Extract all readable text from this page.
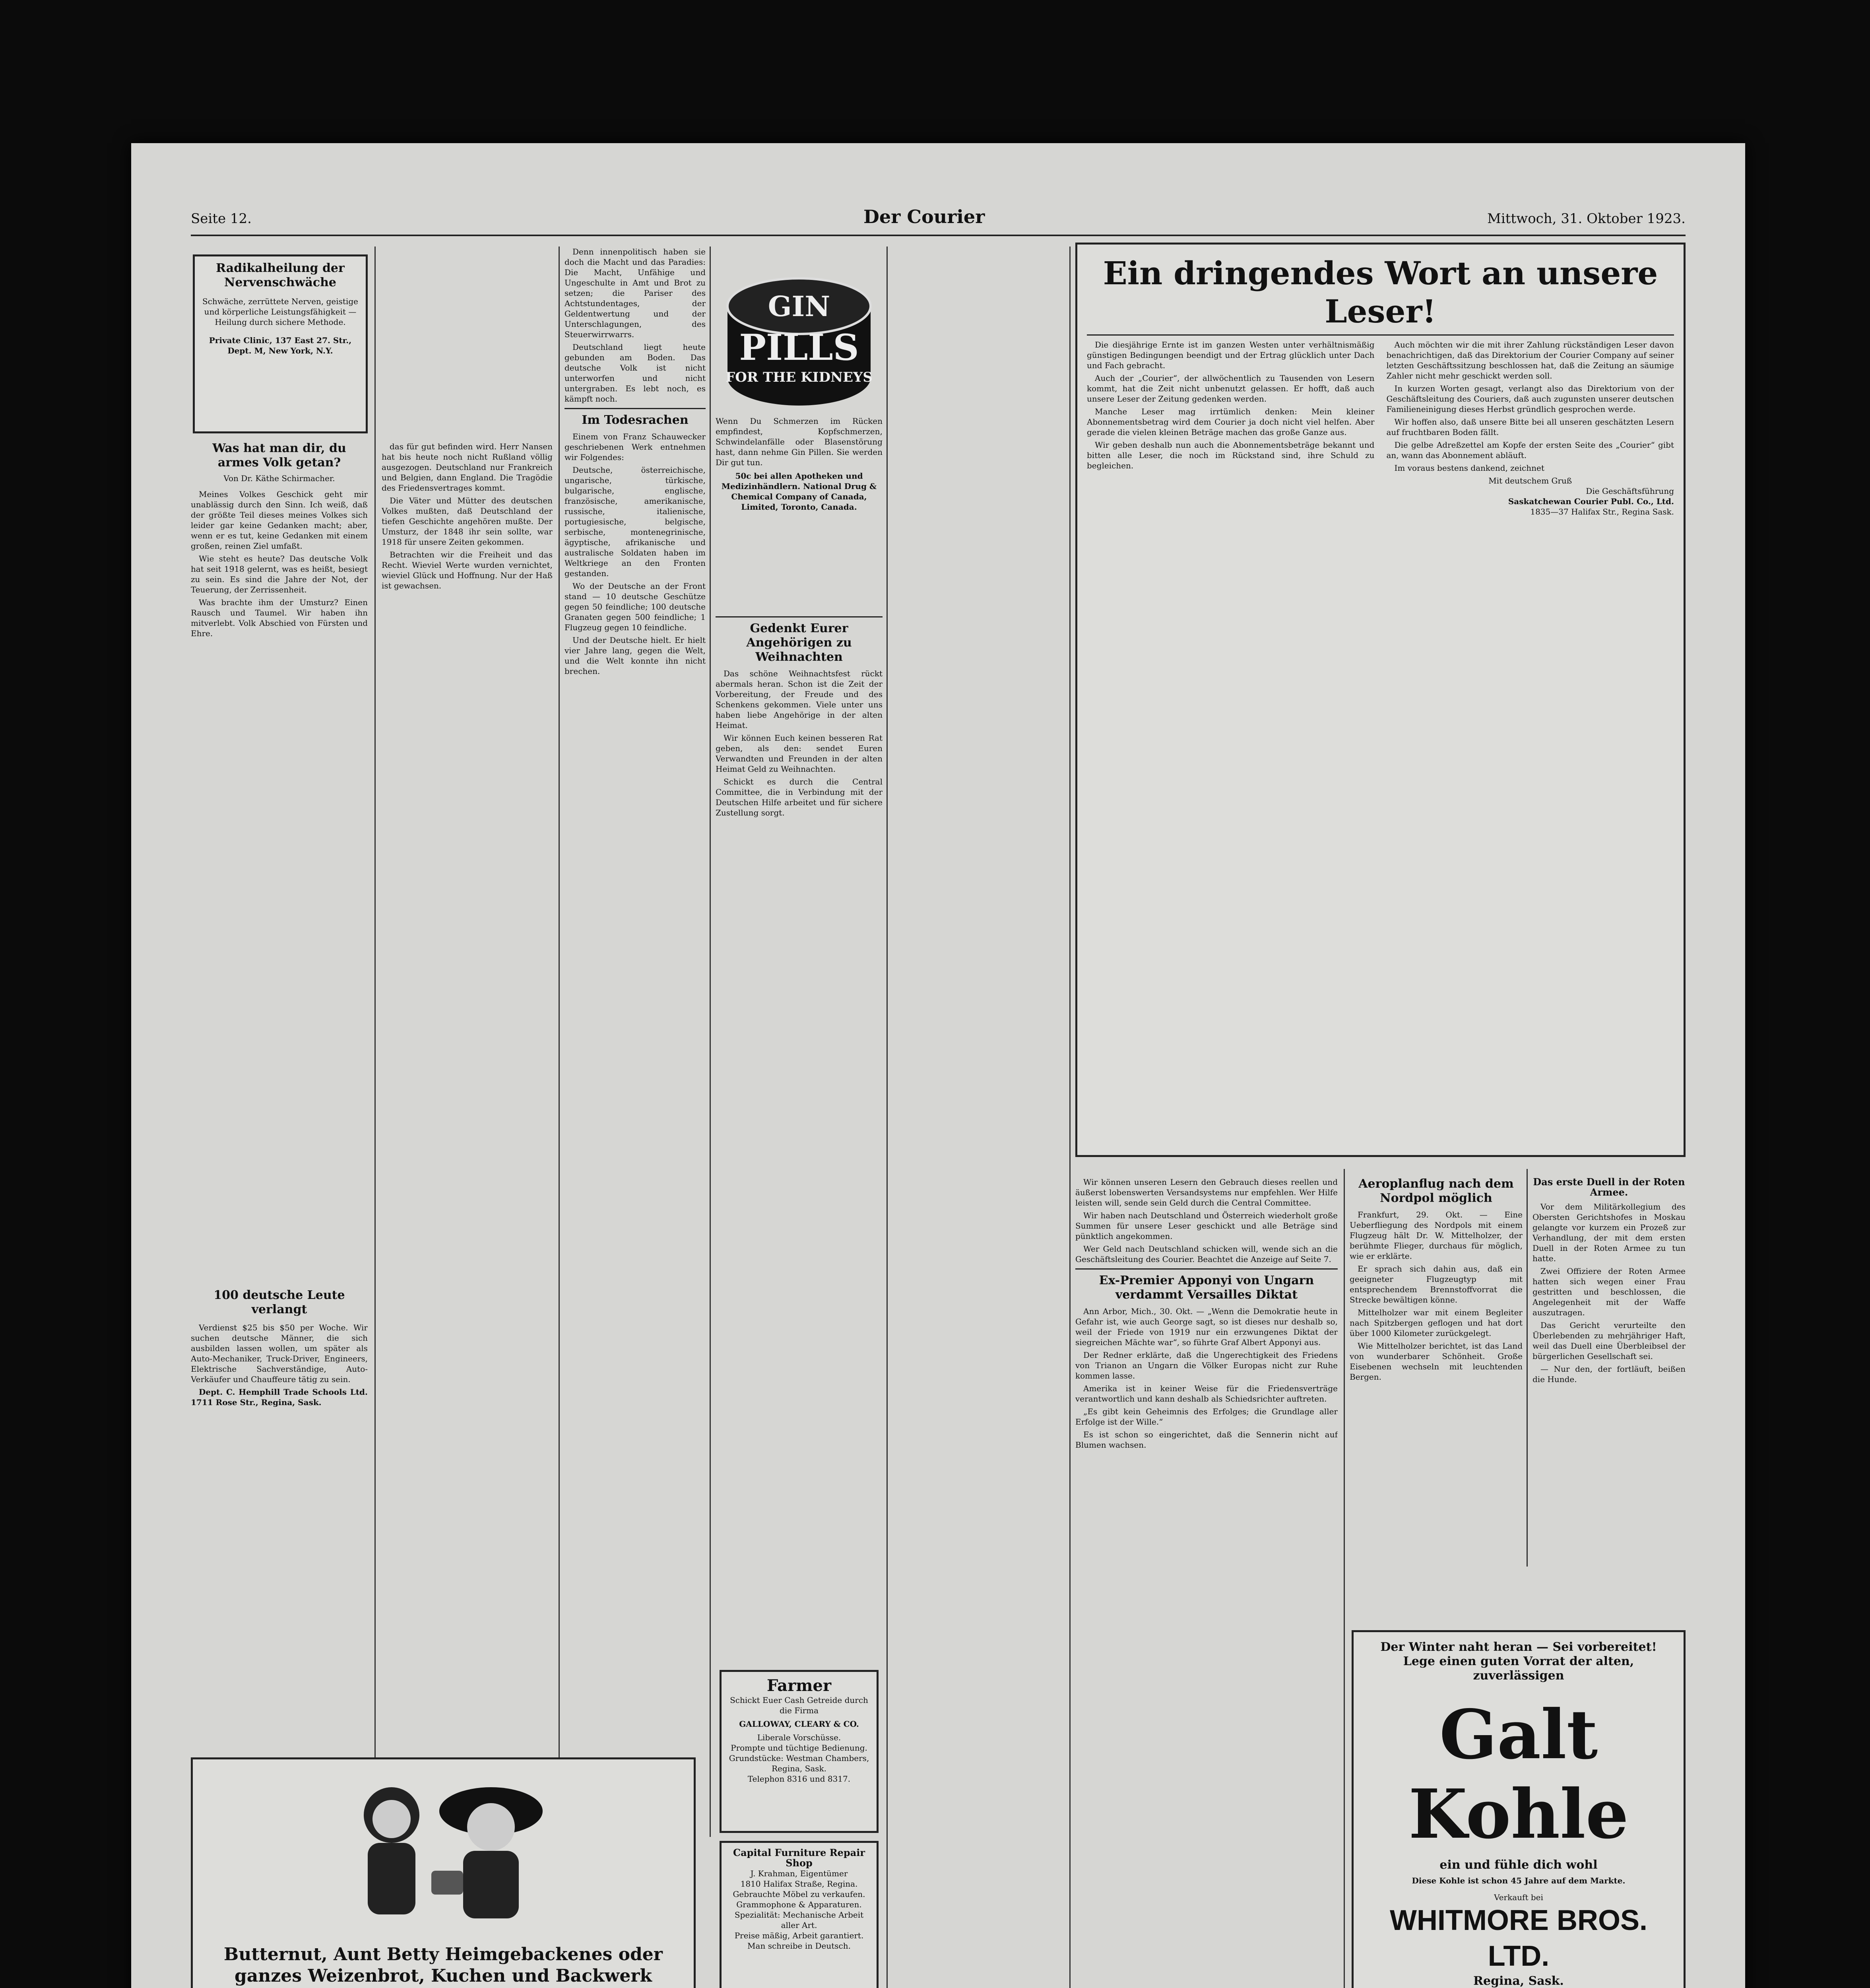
Seite 12.	Der Courier	Mittwoch, 31. Oktober 1923.
Radikalheilung der Nervenschwäche
Schwäche, zerrüttete Nerven, geistige und körperliche Leistungsfähigkeit — Heilung durch sichere Methode.
Private Clinic, 137 East 27. Str., Dept. M, New York, N.Y.
Was hat man dir, du armes Volk getan?
Von Dr. Käthe Schirmacher.

Meines Volkes Geschick geht mir unablässig durch den Sinn. Ich weiß, daß der größte Teil dieses meines Volkes sich leider gar keine Gedanken macht; aber, wenn er es tut, keine Gedanken mit einem großen, reinen Ziel umfaßt.

Wie steht es heute? Das deutsche Volk hat seit 1918 gelernt, was es heißt, besiegt zu sein. Es sind die Jahre der Not, der Teuerung, der Zerrissenheit.

Was brachte ihm der Umsturz? Einen Rausch und Taumel. Wir haben ihn mitverlebt. Volk Abschied von Fürsten und Ehre.

100 deutsche Leute verlangt

Verdienst $25 bis $50 per Woche. Wir suchen deutsche Männer, die sich ausbilden lassen wollen, um später als Auto-Mechaniker, Truck-Driver, Engineers, Elektrische Sachverständige, Auto-Verkäufer und Chauffeure tätig zu sein.

Dept. C. Hemphill Trade Schools Ltd. 1711 Rose Str., Regina, Sask.

das für gut befinden wird. Herr Nansen hat bis heute noch nicht Rußland völlig ausgezogen. Deutschland nur Frankreich und Belgien, dann England. Die Tragödie des Friedensvertrages kommt.

Die Väter und Mütter des deutschen Volkes mußten, daß Deutschland der tiefen Geschichte angehören mußte. Der Umsturz, der 1848 ihr sein sollte, war 1918 für unsere Zeiten gekommen.

Betrachten wir die Freiheit und das Recht. Wieviel Werte wurden vernichtet, wieviel Glück und Hoffnung. Nur der Haß ist gewachsen.

Denn innenpolitisch haben sie doch die Macht und das Paradies: Die Macht, Unfähige und Ungeschulte in Amt und Brot zu setzen; die Pariser des Achtstundentages, der Geldentwertung und der Unterschlagungen, des Steuerwirrwarrs.

Deutschland liegt heute gebunden am Boden. Das deutsche Volk ist nicht unterworfen und nicht untergraben. Es lebt noch, es kämpft noch.

Im Todesrachen

Einem von Franz Schauwecker geschriebenen Werk entnehmen wir Folgendes:

Deutsche, österreichische, ungarische, türkische, bulgarische, englische, französische, amerikanische, russische, italienische, portugiesische, belgische, serbische, montenegrinische, ägyptische, afrikanische und australische Soldaten haben im Weltkriege an den Fronten gestanden.

Wo der Deutsche an der Front stand — 10 deutsche Geschütze gegen 50 feindliche; 100 deutsche Granaten gegen 500 feindliche; 1 Flugzeug gegen 10 feindliche.

Und der Deutsche hielt. Er hielt vier Jahre lang, gegen die Welt, und die Welt konnte ihn nicht brechen.

GIN
PILLS
FOR THE KIDNEYS
Wenn Du Schmerzen im Rücken empfindest, Kopfschmerzen, Schwindelanfälle oder Blasenstörung hast, dann nehme Gin Pillen. Sie werden Dir gut tun.
50c bei allen Apotheken und Medizinhändlern. National Drug & Chemical Company of Canada, Limited, Toronto, Canada.
Gedenkt Eurer Angehörigen zu Weihnachten

Das schöne Weihnachtsfest rückt abermals heran. Schon ist die Zeit der Vorbereitung, der Freude und des Schenkens gekommen. Viele unter uns haben liebe Angehörige in der alten Heimat.

Wir können Euch keinen besseren Rat geben, als den: sendet Euren Verwandten und Freunden in der alten Heimat Geld zu Weihnachten.

Schickt es durch die Central Committee, die in Verbindung mit der Deutschen Hilfe arbeitet und für sichere Zustellung sorgt.

Farmer
Schickt Euer Cash Getreide durch die Firma
GALLOWAY, CLEARY & CO.
Liberale Vorschüsse.
Prompte und tüchtige Bedienung.
Grundstücke: Westman Chambers,
Regina, Sask.
Telephon 8316 und 8317.
Capital Furniture Repair Shop
J. Krahman, Eigentümer
1810 Halifax Straße, Regina.
Gebrauchte Möbel zu verkaufen.
Grammophone & Apparaturen.
Spezialität: Mechanische Arbeit aller Art.
Preise mäßig, Arbeit garantiert.
Man schreibe in Deutsch.
Ein dringendes Wort an unsere Leser!

Die diesjährige Ernte ist im ganzen Westen unter verhältnismäßig günstigen Bedingungen beendigt und der Ertrag glücklich unter Dach und Fach gebracht.

Auch der „Courier“, der allwöchentlich zu Tausenden von Lesern kommt, hat die Zeit nicht unbenutzt gelassen. Er hofft, daß auch unsere Leser der Zeitung gedenken werden.

Manche Leser mag irrtümlich denken: Mein kleiner Abonnementsbetrag wird dem Courier ja doch nicht viel helfen. Aber gerade die vielen kleinen Beträge machen das große Ganze aus.

Wir geben deshalb nun auch die Abonnementsbeträge bekannt und bitten alle Leser, die noch im Rückstand sind, ihre Schuld zu begleichen.

Auch möchten wir die mit ihrer Zahlung rückständigen Leser davon benachrichtigen, daß das Direktorium der Courier Company auf seiner letzten Geschäftssitzung beschlossen hat, daß die Zeitung an säumige Zahler nicht mehr geschickt werden soll.

In kurzen Worten gesagt, verlangt also das Direktorium von der Geschäftsleitung des Couriers, daß auch zugunsten unserer deutschen Familieneinigung dieses Herbst gründlich gesprochen werde.

Wir hoffen also, daß unsere Bitte bei all unseren geschätzten Lesern auf fruchtbaren Boden fällt.

Die gelbe Adreßzettel am Kopfe der ersten Seite des „Courier“ gibt an, wann das Abonnement abläuft.

Im voraus bestens dankend, zeichnet

Mit deutschem Gruß
Die Geschäftsführung
Saskatchewan Courier Publ. Co., Ltd.
1835—37 Halifax Str., Regina Sask.

Wir können unseren Lesern den Gebrauch dieses reellen und äußerst lobenswerten Versandsystems nur empfehlen. Wer Hilfe leisten will, sende sein Geld durch die Central Committee.

Wir haben nach Deutschland und Österreich wiederholt große Summen für unsere Leser geschickt und alle Beträge sind pünktlich angekommen.

Wer Geld nach Deutschland schicken will, wende sich an die Geschäftsleitung des Courier. Beachtet die Anzeige auf Seite 7.

Ex-Premier Apponyi von Ungarn verdammt Versailles Diktat

Ann Arbor, Mich., 30. Okt. — „Wenn die Demokratie heute in Gefahr ist, wie auch George sagt, so ist dieses nur deshalb so, weil der Friede von 1919 nur ein erzwungenes Diktat der siegreichen Mächte war“, so führte Graf Albert Apponyi aus.

Der Redner erklärte, daß die Ungerechtigkeit des Friedens von Trianon an Ungarn die Völker Europas nicht zur Ruhe kommen lasse.

Amerika ist in keiner Weise für die Friedensverträge verantwortlich und kann deshalb als Schiedsrichter auftreten.

„Es gibt kein Geheimnis des Erfolges; die Grundlage aller Erfolge ist der Wille.“

Es ist schon so eingerichtet, daß die Sennerin nicht auf Blumen wachsen.

Aeroplanflug nach dem Nordpol möglich

Frankfurt, 29. Okt. — Eine Ueberfliegung des Nordpols mit einem Flugzeug hält Dr. W. Mittelholzer, der berühmte Flieger, durchaus für möglich, wie er erklärte.

Er sprach sich dahin aus, daß ein geeigneter Flugzeugtyp mit entsprechendem Brennstoffvorrat die Strecke bewältigen könne.

Mittelholzer war mit einem Begleiter nach Spitzbergen geflogen und hat dort über 1000 Kilometer zurückgelegt.

Wie Mittelholzer berichtet, ist das Land von wunderbarer Schönheit. Große Eisebenen wechseln mit leuchtenden Bergen.

Das erste Duell in der Roten Armee.

Vor dem Militärkollegium des Obersten Gerichtshofes in Moskau gelangte vor kurzem ein Prozeß zur Verhandlung, der mit dem ersten Duell in der Roten Armee zu tun hatte.

Zwei Offiziere der Roten Armee hatten sich wegen einer Frau gestritten und beschlossen, die Angelegenheit mit der Waffe auszutragen.

Das Gericht verurteilte den Überlebenden zu mehrjähriger Haft, weil das Duell eine Überbleibsel der bürgerlichen Gesellschaft sei.

— Nur den, der fortläuft, beißen die Hunde.

Der Winter naht heran — Sei vorbereitet!
Lege einen guten Vorrat der alten, zuverlässigen
Galt Kohle
ein und fühle dich wohl
Diese Kohle ist schon 45 Jahre auf dem Markte.
Verkauft bei
WHITMORE BROS. LTD.
Regina, Sask.
Butternut, Aunt Betty Heimgebackenes oder ganzes Weizenbrot, Kuchen und Backwerk
